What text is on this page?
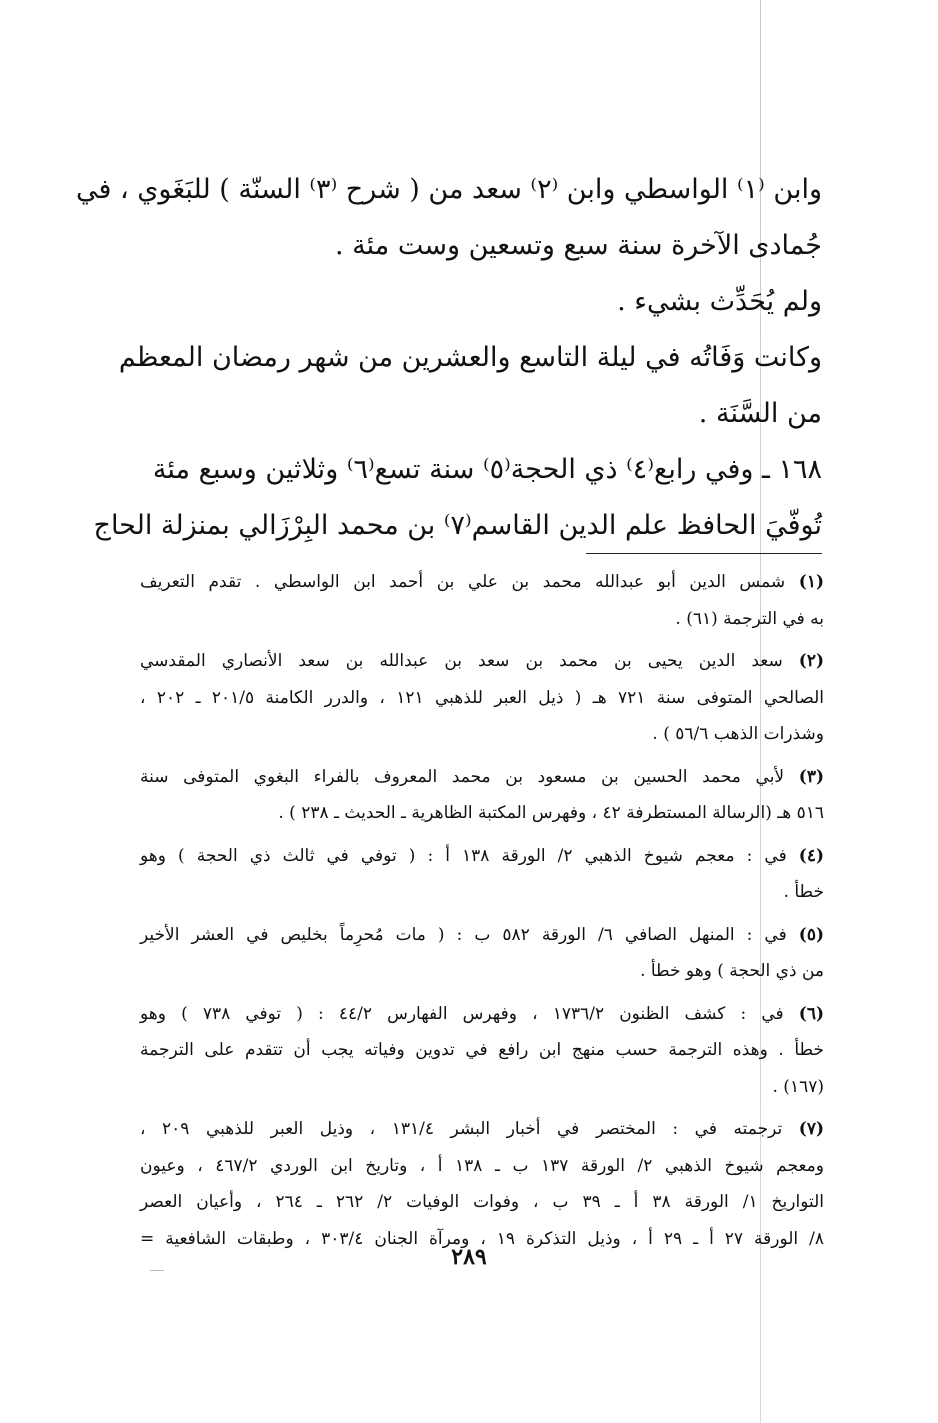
وابن ⁽١⁾ الواسطي وابن ⁽٢⁾ سعد من ( شرح ⁽٣⁾ السنّة ) للبَغَوي ، في

جُمادى الآخرة سنة سبع وتسعين وست مئة .

ولم يُحَدِّث بشيء .

وكانت وَفَاتُه في ليلة التاسع والعشرين من شهر رمضان المعظم

من السَّنَة .

١٦٨ ـ وفي رابع⁽٤⁾ ذي الحجة⁽٥⁾ سنة تسع⁽٦⁾ وثلاثين وسبع مئة

تُوفّيَ الحافظ علم الدين القاسم⁽٧⁾ بن محمد البِرْزَالي بمنزلة الحاج

(١) شمس الدين أبو عبدالله محمد بن علي بن أحمد ابن الواسطي . تقدم التعريف

به في الترجمة (٦١) .

(٢) سعد الدين يحيى بن محمد بن سعد بن عبدالله بن سعد الأنصاري المقدسي

الصالحي المتوفى سنة ٧٢١ هـ ( ذيل العبر للذهبي ١٢١ ، والدرر الكامنة ٢٠١/٥ ـ ٢٠٢ ،

وشذرات الذهب ٥٦/٦ ) .

(٣) لأبي محمد الحسين بن مسعود بن محمد المعروف بالفراء البغوي المتوفى سنة

٥١٦ هـ (الرسالة المستطرفة ٤٢ ، وفهرس المكتبة الظاهرية ـ الحديث ـ ٢٣٨ ) .

(٤) في : معجم شيوخ الذهبي ٢/ الورقة ١٣٨ أ : ( توفي في ثالث ذي الحجة ) وهو

خطأ .

(٥) في : المنهل الصافي ٦/ الورقة ٥٨٢ ب : ( مات مُحرِماً بخليص في العشر الأخير

من ذي الحجة ) وهو خطأ .

(٦) في : كشف الظنون ١٧٣٦/٢ ، وفهرس الفهارس ٤٤/٢ : ( توفي ٧٣٨ ) وهو

خطأ . وهذه الترجمة حسب منهج ابن رافع في تدوين وفياته يجب أن تتقدم على الترجمة

(١٦٧) .

(٧) ترجمته في : المختصر في أخبار البشر ١٣١/٤ ، وذيل العبر للذهبي ٢٠٩ ،

ومعجم شيوخ الذهبي ٢/ الورقة ١٣٧ ب ـ ١٣٨ أ ، وتاريخ ابن الوردي ٤٦٧/٢ ، وعيون

التواريخ ١/ الورقة ٣٨ أ ـ ٣٩ ب ، وفوات الوفيات ٢/ ٢٦٢ ـ ٢٦٤ ، وأعيان العصر

٨/ الورقة ٢٧ أ ـ ٢٩ أ ، وذيل التذكرة ١٩ ، ومرآة الجنان ٣٠٣/٤ ، وطبقات الشافعية =

٢٨٩
